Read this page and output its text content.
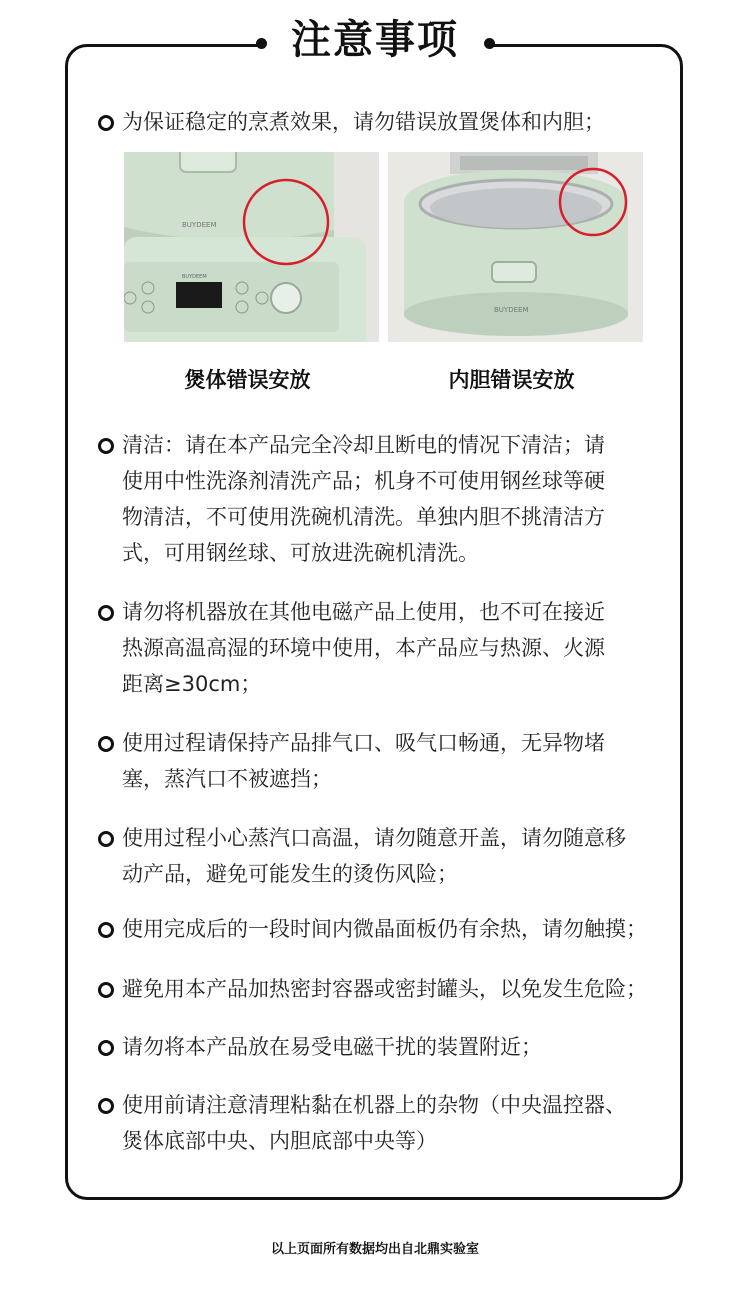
注意事项
为保证稳定的烹煮效果，请勿错误放置煲体和内胆；
BUYDEEM
BUYDEEM
BUYDEEM
煲体错误安放	内胆错误安放
清洁：请在本产品完全冷却且断电的情况下清洁；请
使用中性洗涤剂清洗产品；机身不可使用钢丝球等硬
物清洁，不可使用洗碗机清洗。单独内胆不挑清洁方
式，可用钢丝球、可放进洗碗机清洗。
请勿将机器放在其他电磁产品上使用，也不可在接近
热源高温高湿的环境中使用，本产品应与热源、火源
距离≥30cm；
使用过程请保持产品排气口、吸气口畅通，无异物堵
塞，蒸汽口不被遮挡；
使用过程小心蒸汽口高温，请勿随意开盖，请勿随意移
动产品，避免可能发生的烫伤风险；
使用完成后的一段时间内微晶面板仍有余热，请勿触摸；
避免用本产品加热密封容器或密封罐头，以免发生危险；
请勿将本产品放在易受电磁干扰的装置附近；
使用前请注意清理粘黏在机器上的杂物（中央温控器、
煲体底部中央、内胆底部中央等）
以上页面所有数据均出自北鼎实验室
